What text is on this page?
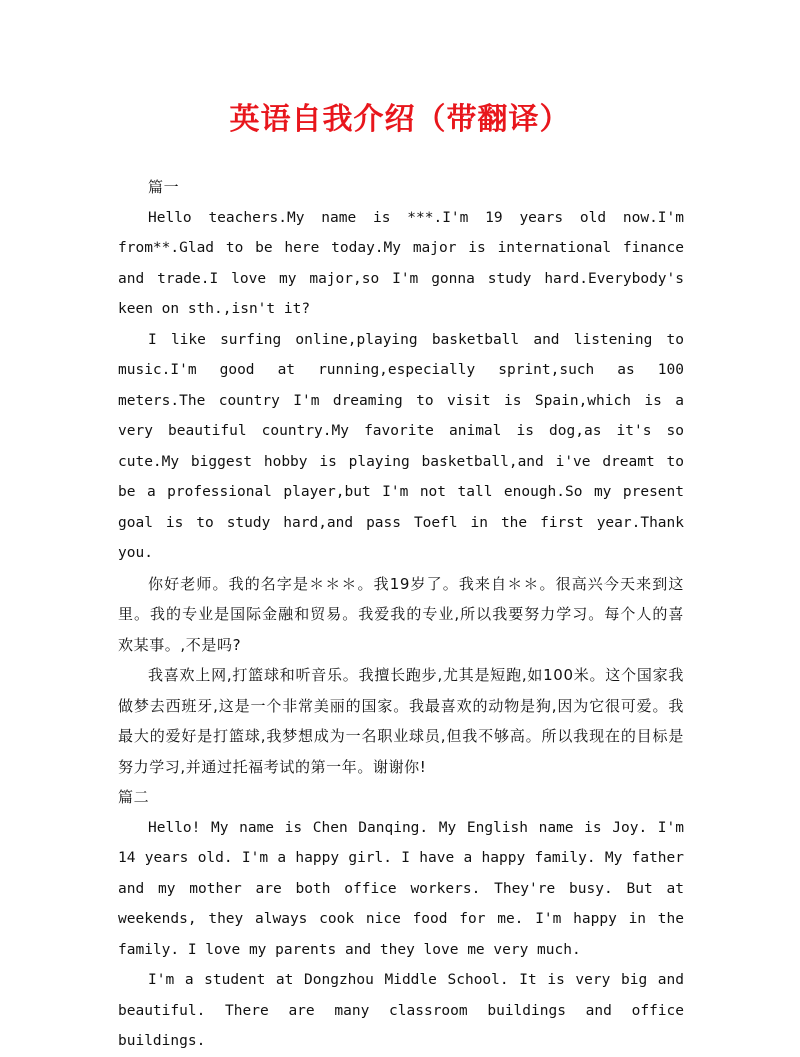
英语自我介绍（带翻译）

篇一

Hello teachers.My name is ***.I'm 19 years old now.I'm from**.Glad to be here today.My major is international finance and trade.I love my major,so I'm gonna study hard.Everybody's keen on sth.,isn't it?

I like surfing online,playing basketball and listening to music.I'm good at running,especially sprint,such as 100 meters.The country I'm dreaming to visit is Spain,which is a very beautiful country.My favorite animal is dog,as it's so cute.My biggest hobby is playing basketball,and i've dreamt to be a professional player,but I'm not tall enough.So my present goal is to study hard,and pass Toefl in the first year.Thank you.

你好老师。我的名字是＊＊＊。我19岁了。我来自＊＊。很高兴今天来到这里。我的专业是国际金融和贸易。我爱我的专业,所以我要努力学习。每个人的喜欢某事。,不是吗?

我喜欢上网,打篮球和听音乐。我擅长跑步,尤其是短跑,如100米。这个国家我做梦去西班牙,这是一个非常美丽的国家。我最喜欢的动物是狗,因为它很可爱。我最大的爱好是打篮球,我梦想成为一名职业球员,但我不够高。所以我现在的目标是努力学习,并通过托福考试的第一年。谢谢你!

篇二

Hello! My name is Chen Danqing. My English name is Joy. I'm 14 years old. I'm a happy girl. I have a happy family. My father and my mother are both office workers. They're busy. But at weekends, they always cook nice food for me. I'm happy in the family. I love my parents and they love me very much.

I'm a student at Dongzhou Middle School. It is very big and beautiful. There are many classroom buildings and office buildings.
